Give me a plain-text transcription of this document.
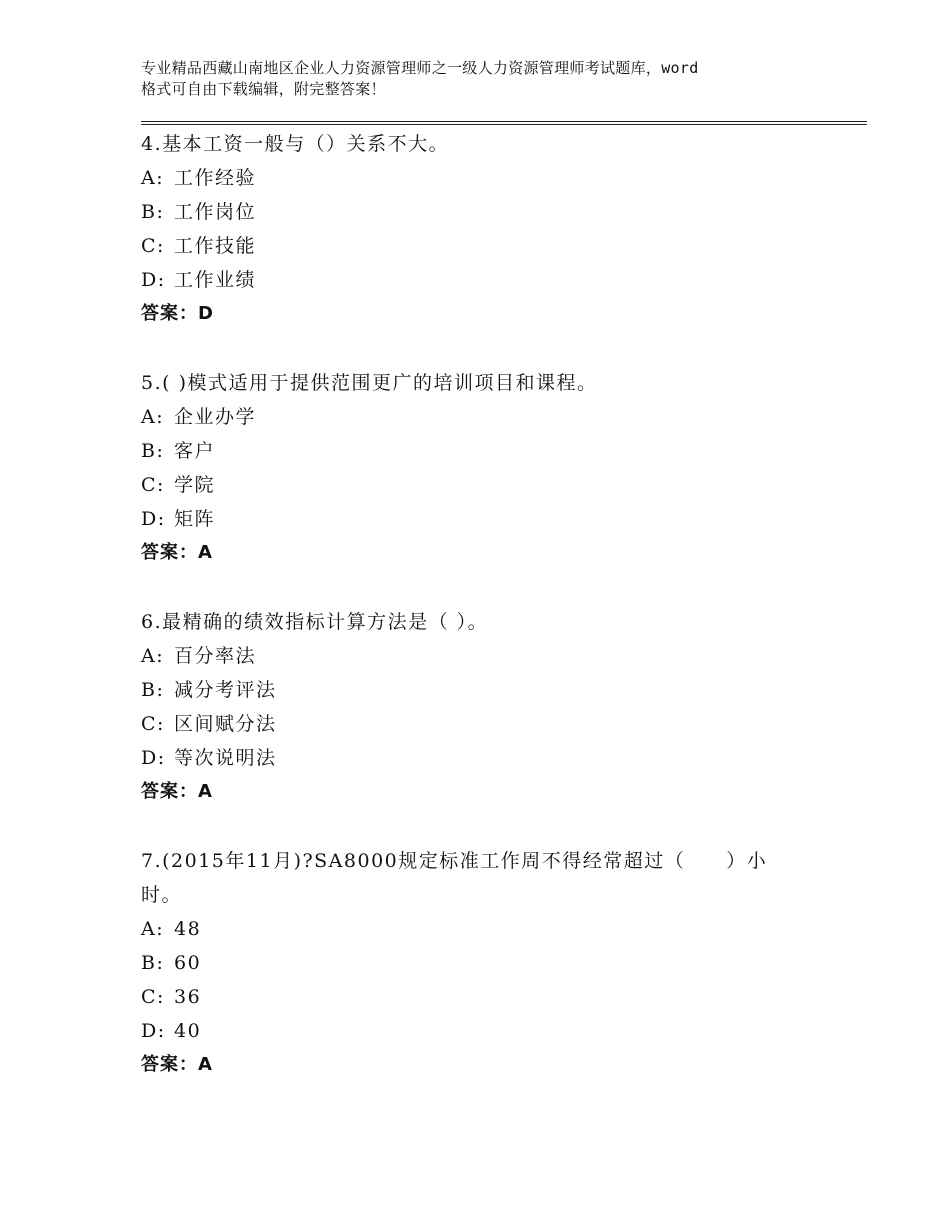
专业精品西藏山南地区企业人力资源管理师之一级人力资源管理师考试题库，word
格式可自由下载编辑，附完整答案！

4.基本工资一般与（）关系不大。

A: 工作经验

B: 工作岗位

C: 工作技能

D: 工作业绩

答案：D

5.( )模式适用于提供范围更广的培训项目和课程。

A: 企业办学

B: 客户

C: 学院

D: 矩阵

答案：A

6.最精确的绩效指标计算方法是（ ）。

A: 百分率法

B: 减分考评法

C: 区间赋分法

D: 等次说明法

答案：A

7.(2015年11月)?SA8000规定标准工作周不得经常超过（　　）小时。

A: 48

B: 60

C: 36

D: 40

答案：A
